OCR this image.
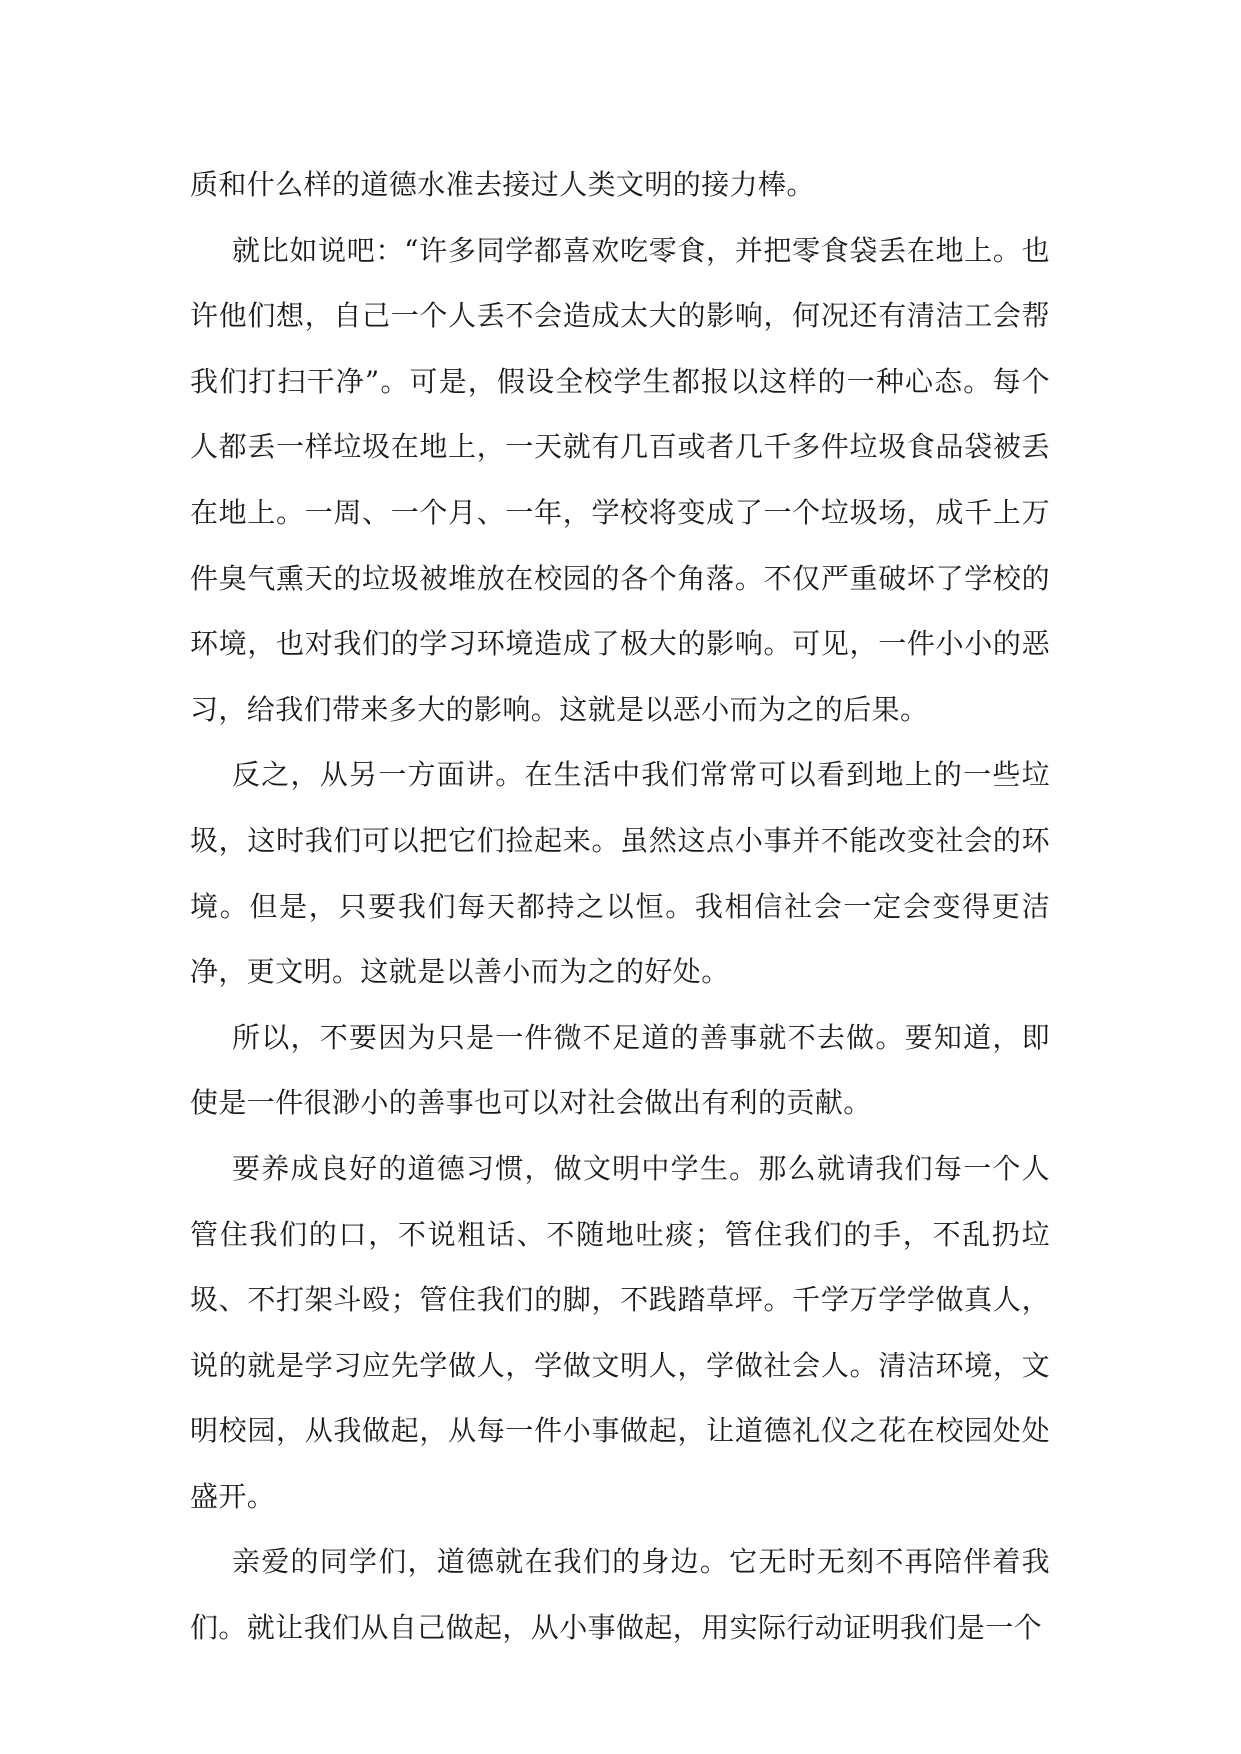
质和什么样的道德水准去接过人类文明的接力棒。

就比如说吧：“许多同学都喜欢吃零食，并把零食袋丢在地上。也许他们想，自己一个人丢不会造成太大的影响，何况还有清洁工会帮我们打扫干净”。可是，假设全校学生都报以这样的一种心态。每个人都丢一样垃圾在地上，一天就有几百或者几千多件垃圾食品袋被丢在地上。一周、一个月、一年，学校将变成了一个垃圾场，成千上万件臭气熏天的垃圾被堆放在校园的各个角落。不仅严重破坏了学校的环境，也对我们的学习环境造成了极大的影响。可见，一件小小的恶习，给我们带来多大的影响。这就是以恶小而为之的后果。

反之，从另一方面讲。在生活中我们常常可以看到地上的一些垃圾，这时我们可以把它们捡起来。虽然这点小事并不能改变社会的环境。但是，只要我们每天都持之以恒。我相信社会一定会变得更洁净，更文明。这就是以善小而为之的好处。

所以，不要因为只是一件微不足道的善事就不去做。要知道，即使是一件很渺小的善事也可以对社会做出有利的贡献。

要养成良好的道德习惯，做文明中学生。那么就请我们每一个人管住我们的口，不说粗话、不随地吐痰；管住我们的手，不乱扔垃圾、不打架斗殴；管住我们的脚，不践踏草坪。千学万学学做真人，说的就是学习应先学做人，学做文明人，学做社会人。清洁环境，文明校园，从我做起，从每一件小事做起，让道德礼仪之花在校园处处盛开。

亲爱的同学们，道德就在我们的身边。它无时无刻不再陪伴着我们。就让我们从自己做起，从小事做起，用实际行动证明我们是一个
